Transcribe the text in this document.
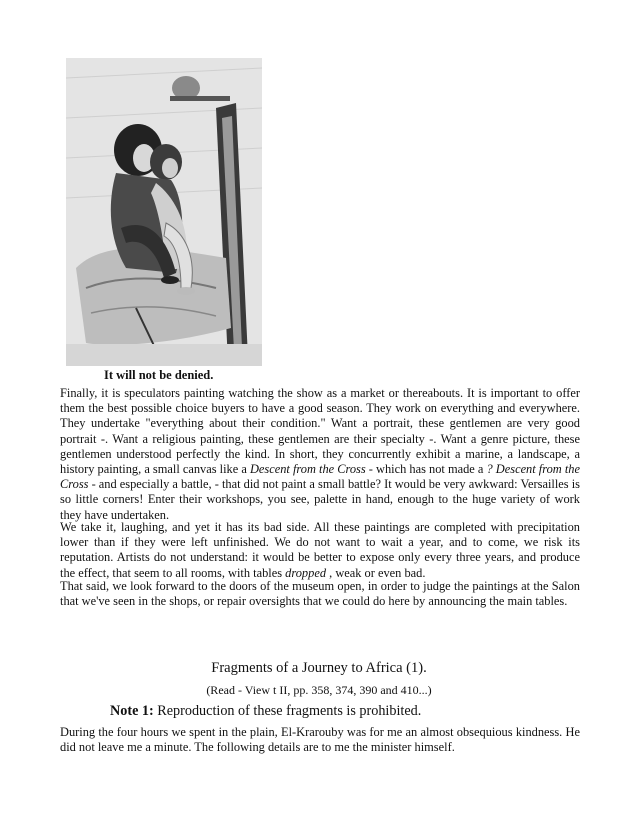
It will not be denied.

Finally, it is speculators painting watching the show as a market or thereabouts. It is important to offer them the best possible choice buyers to have a good season. They work on everything and everywhere. They undertake "everything about their condition." Want a portrait, these gentlemen are very good portrait -. Want a religious painting, these gentlemen are their specialty -. Want a genre picture, these gentlemen understood perfectly the kind. In short, they concurrently exhibit a marine, a landscape, a history painting, a small canvas like a Descent from the Cross - which has not made a ? Descent from the Cross - and especially a battle, - that did not paint a small battle? It would be very awkward: Versailles is so little corners! Enter their workshops, you see, palette in hand, enough to the huge variety of work they have undertaken.

We take it, laughing, and yet it has its bad side. All these paintings are completed with precipitation lower than if they were left unfinished. We do not want to wait a year, and to come, we risk its reputation. Artists do not understand: it would be better to expose only every three years, and produce the effect, that seem to all rooms, with tables dropped , weak or even bad.

That said, we look forward to the doors of the museum open, in order to judge the paintings at the Salon that we've seen in the shops, or repair oversights that we could do here by announcing the main tables.

Fragments of a Journey to Africa (1).
(Read - View t II, pp. 358, 374, 390 and 410...)
Note 1: Reproduction of these fragments is prohibited.

During the four hours we spent in the plain, El-Krarouby was for me an almost obsequious kindness. He did not leave me a minute. The following details are to me the minister himself.
